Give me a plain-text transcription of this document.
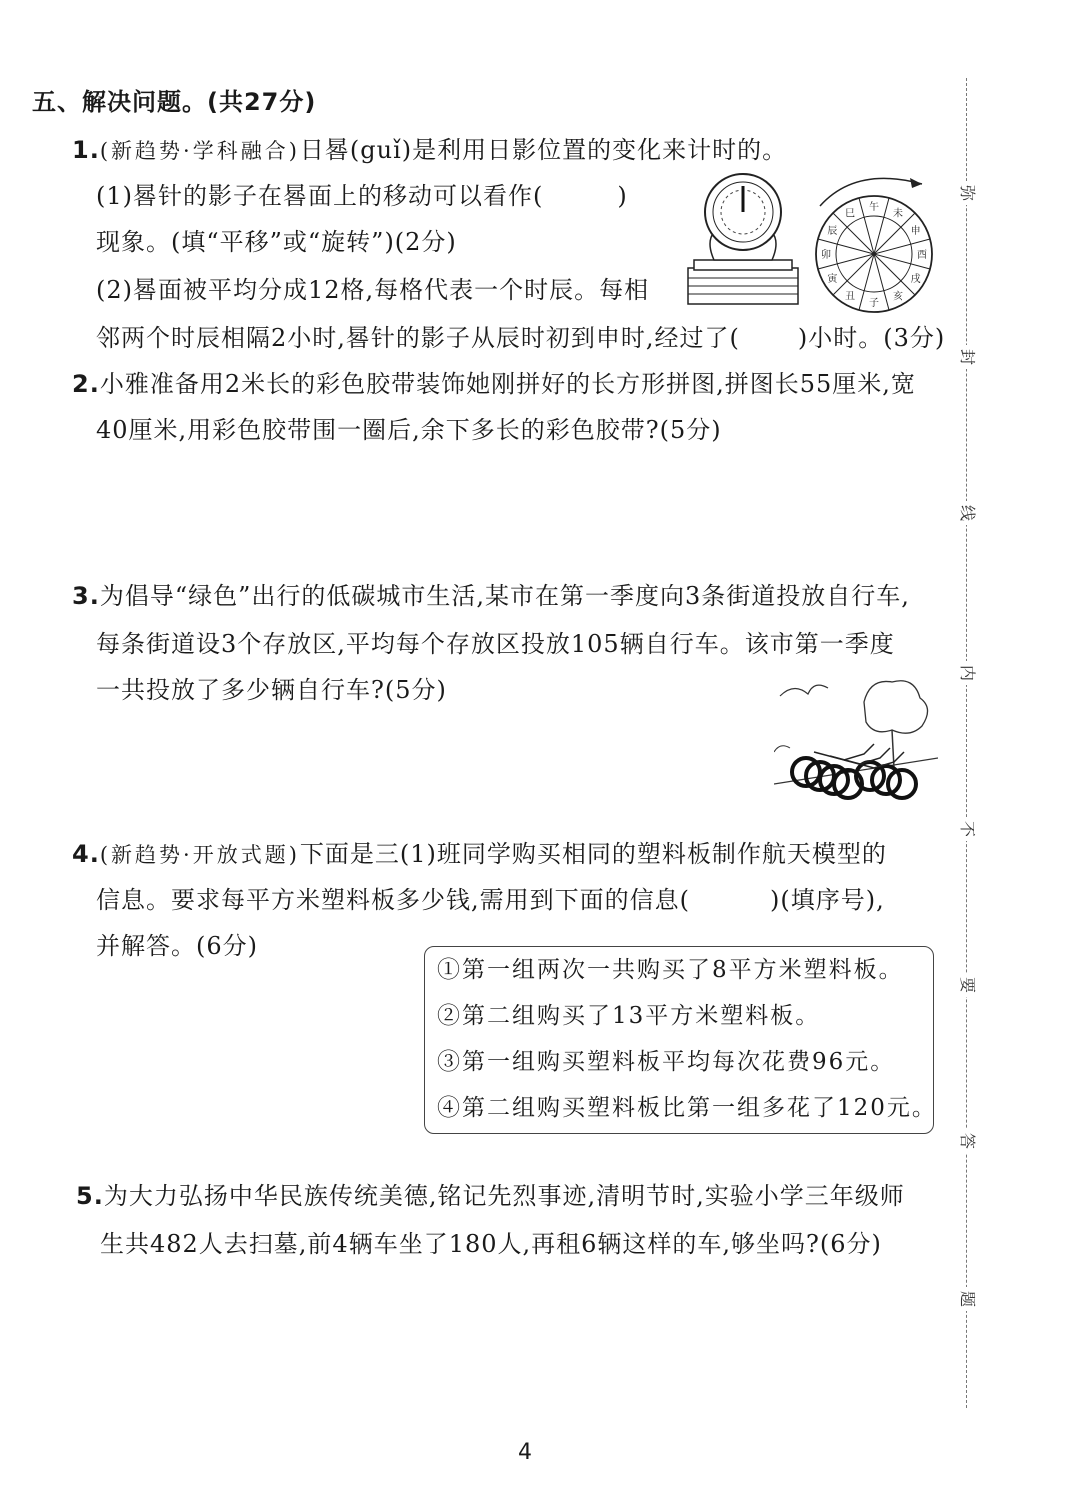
五、解决问题。(共27分)
1.(新趋势·学科融合)日晷(guǐ)是利用日影位置的变化来计时的。
(1)晷针的影子在晷面上的移动可以看作(	)
现象。(填“平移”或“旋转”)(2分)
(2)晷面被平均分成12格,每格代表一个时辰。每相
邻两个时辰相隔2小时,晷针的影子从辰时初到申时,经过了( )小时。(3分)
子
丑
寅
卯
辰
巳
午
未
申
酉
戌
亥
2.小雅准备用2米长的彩色胶带装饰她刚拼好的长方形拼图,拼图长55厘米,宽
40厘米,用彩色胶带围一圈后,余下多长的彩色胶带?(5分)
3.为倡导“绿色”出行的低碳城市生活,某市在第一季度向3条街道投放自行车,
每条街道设3个存放区,平均每个存放区投放105辆自行车。该市第一季度
一共投放了多少辆自行车?(5分)
4.(新趋势·开放式题)下面是三(1)班同学购买相同的塑料板制作航天模型的
信息。要求每平方米塑料板多少钱,需用到下面的信息(	)(填序号),
并解答。(6分)
①第一组两次一共购买了8平方米塑料板。
②第二组购买了13平方米塑料板。
③第一组购买塑料板平均每次花费96元。
④第二组购买塑料板比第一组多花了120元。
5.为大力弘扬中华民族传统美德,铭记先烈事迹,清明节时,实验小学三年级师
生共482人去扫墓,前4辆车坐了180人,再租6辆这样的车,够坐吗?(6分)
弥
封
线
内
不
要
答
题
4
